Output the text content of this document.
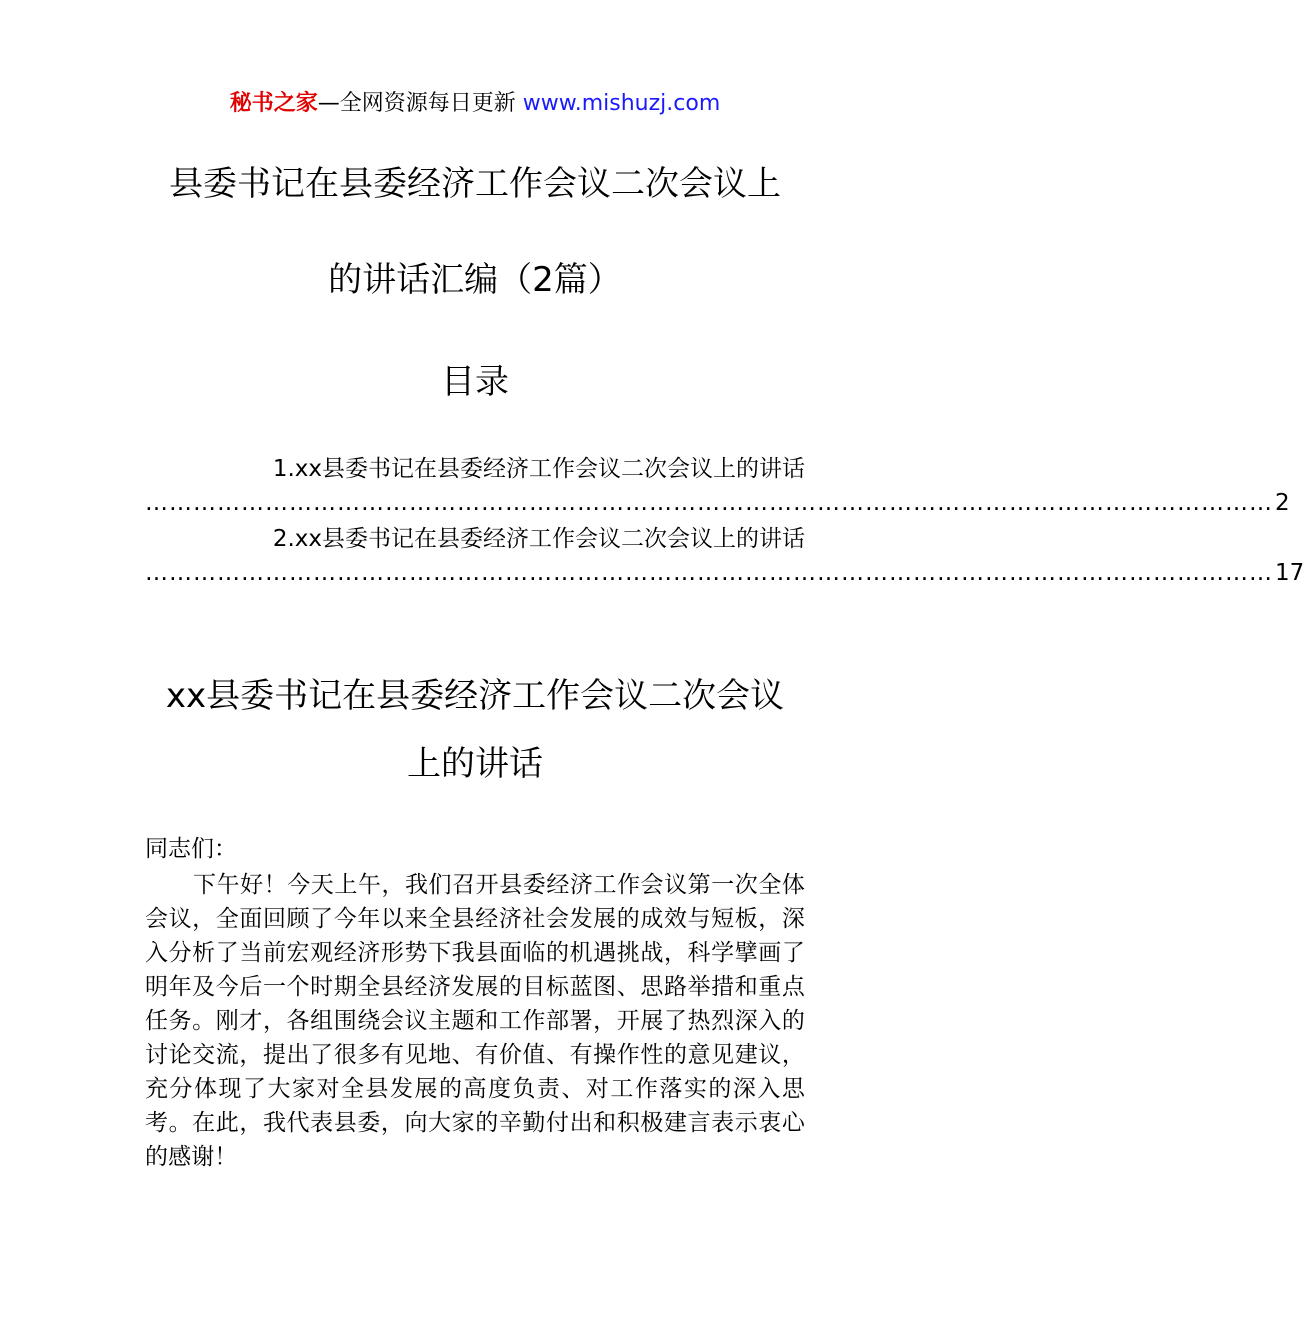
秘书之家—全网资源每日更新 www.mishuzj.com
县委书记在县委经济工作会议二次会议上
的讲话汇编（2篇）
目录
1.xx县委书记在县委经济工作会议二次会议上的讲话
…………………………………………………………………………………………………………………………… 2
2.xx县委书记在县委经济工作会议二次会议上的讲话
…………………………………………………………………………………………………………………………… 17
xx县委书记在县委经济工作会议二次会议
上的讲话
同志们：
下午好！今天上午，我们召开县委经济工作会议第一次全体会议，全面回顾了今年以来全县经济社会发展的成效与短板，深入分析了当前宏观经济形势下我县面临的机遇挑战，科学擘画了明年及今后一个时期全县经济发展的目标蓝图、思路举措和重点任务。刚才，各组围绕会议主题和工作部署，开展了热烈深入的讨论交流，提出了很多有见地、有价值、有操作性的意见建议，充分体现了大家对全县发展的高度负责、对工作落实的深入思考。在此，我代表县委，向大家的辛勤付出和积极建言表示衷心的感谢！
